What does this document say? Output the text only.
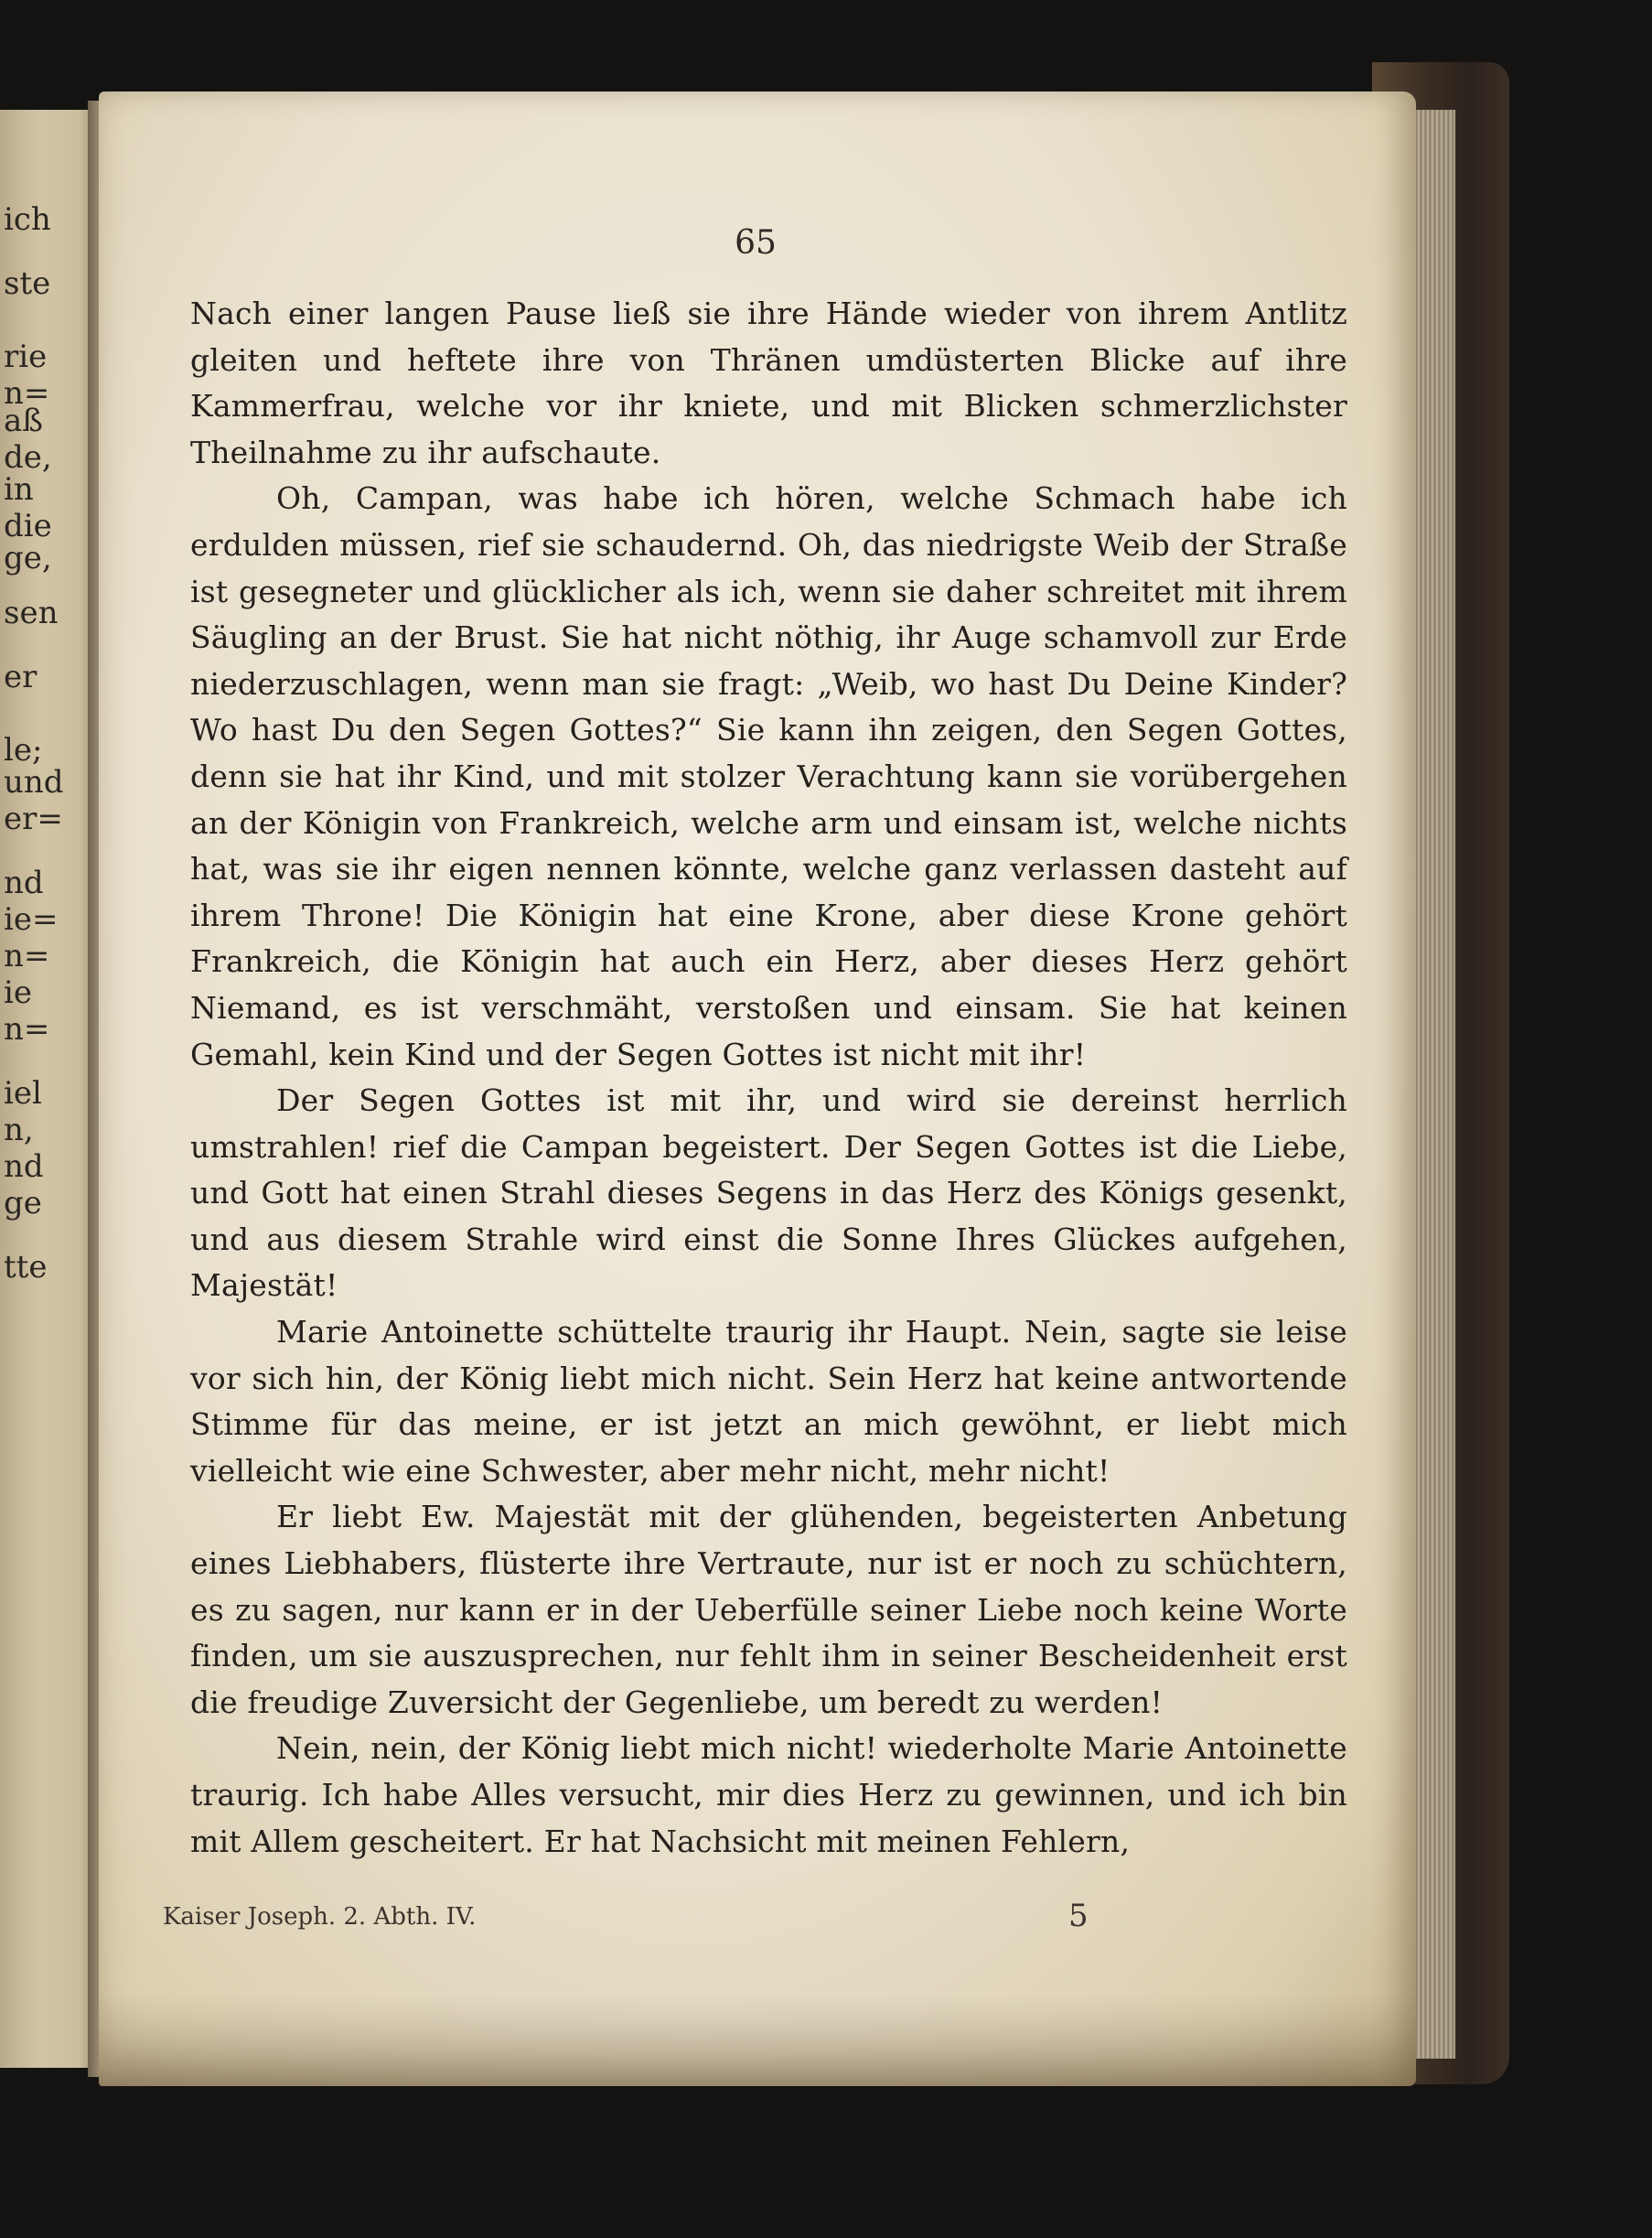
ich
ste
rie
n=
aß
de,
in
die
ge,
sen
er
le;
und
er=
nd
ie=
n=
ie
n=
iel
n,
nd
ge
tte
65

Nach einer langen Pause ließ sie ihre Hände wieder von ihrem Antlitz gleiten und heftete ihre von Thränen umdüsterten Blicke auf ihre Kammerfrau, welche vor ihr kniete, und mit Blicken schmerzlichster Theilnahme zu ihr aufschaute.

Oh, Campan, was habe ich hören, welche Schmach habe ich erdulden müssen, rief sie schaudernd. Oh, das niedrigste Weib der Straße ist gesegneter und glücklicher als ich, wenn sie daher schreitet mit ihrem Säugling an der Brust. Sie hat nicht nöthig, ihr Auge schamvoll zur Erde niederzuschlagen, wenn man sie fragt: „Weib, wo hast Du Deine Kinder? Wo hast Du den Segen Gottes?“ Sie kann ihn zeigen, den Segen Gottes, denn sie hat ihr Kind, und mit stolzer Verachtung kann sie vorübergehen an der Königin von Frankreich, welche arm und einsam ist, welche nichts hat, was sie ihr eigen nennen könnte, welche ganz verlassen dasteht auf ihrem Throne! Die Königin hat eine Krone, aber diese Krone gehört Frankreich, die Königin hat auch ein Herz, aber dieses Herz gehört Niemand, es ist verschmäht, verstoßen und einsam. Sie hat keinen Gemahl, kein Kind und der Segen Gottes ist nicht mit ihr!

Der Segen Gottes ist mit ihr, und wird sie dereinst herrlich umstrahlen! rief die Campan begeistert. Der Segen Gottes ist die Liebe, und Gott hat einen Strahl dieses Segens in das Herz des Königs gesenkt, und aus diesem Strahle wird einst die Sonne Ihres Glückes aufgehen, Majestät!

Marie Antoinette schüttelte traurig ihr Haupt. Nein, sagte sie leise vor sich hin, der König liebt mich nicht. Sein Herz hat keine antwortende Stimme für das meine, er ist jetzt an mich gewöhnt, er liebt mich vielleicht wie eine Schwester, aber mehr nicht, mehr nicht!

Er liebt Ew. Majestät mit der glühenden, begeisterten Anbetung eines Liebhabers, flüsterte ihre Vertraute, nur ist er noch zu schüchtern, es zu sagen, nur kann er in der Ueberfülle seiner Liebe noch keine Worte finden, um sie auszusprechen, nur fehlt ihm in seiner Bescheidenheit erst die freudige Zuversicht der Gegenliebe, um beredt zu werden!

Nein, nein, der König liebt mich nicht! wiederholte Marie Antoinette traurig. Ich habe Alles versucht, mir dies Herz zu gewinnen, und ich bin mit Allem gescheitert. Er hat Nachsicht mit meinen Fehlern,

Kaiser Joseph. 2. Abth. IV.	5
